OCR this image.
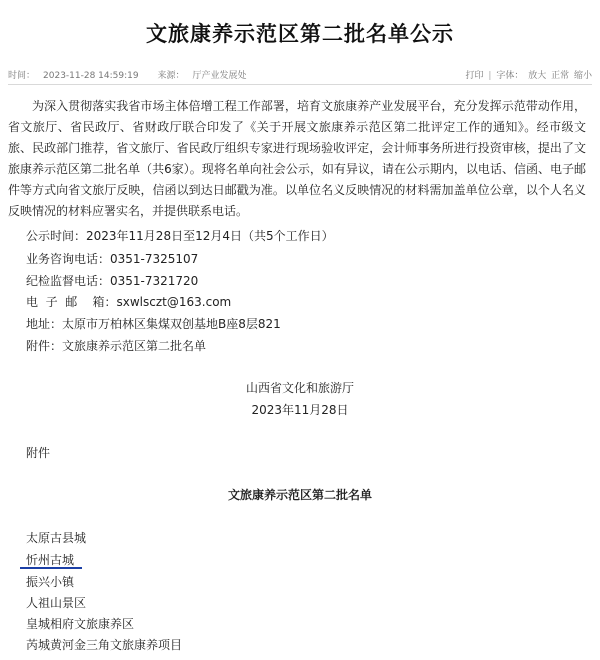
文旅康养示范区第二批名单公示
时间： 2023-11-28 14:59:19 来源： 厅产业发展处	打印 | 字体： 放大 正常 缩小

为深入贯彻落实我省市场主体倍增工程工作部署，培育文旅康养产业发展平台，充分发挥示范带动作用，省文旅厅、省民政厅、省财政厅联合印发了《关于开展文旅康养示范区第二批评定工作的通知》。经市级文旅、民政部门推荐，省文旅厅、省民政厅组织专家进行现场验收评定，会计师事务所进行投资审核，提出了文旅康养示范区第二批名单（共6家）。现将名单向社会公示，如有异议，请在公示期内，以电话、信函、电子邮件等方式向省文旅厅反映，信函以到达日邮戳为准。以单位名义反映情况的材料需加盖单位公章，以个人名义反映情况的材料应署实名，并提供联系电话。

公示时间：2023年11月28日至12月4日（共5个工作日）
业务咨询电话：0351-7325107
纪检监督电话：0351-7321720
电  子  邮    箱：sxwlsczt@163.com
地址：太原市万柏林区集煤双创基地B座8层821
附件：文旅康养示范区第二批名单
山西省文化和旅游厅
2023年11月28日
附件
文旅康养示范区第二批名单
太原古县城
忻州古城
振兴小镇
人祖山景区
皇城相府文旅康养区
芮城黄河金三角文旅康养项目
